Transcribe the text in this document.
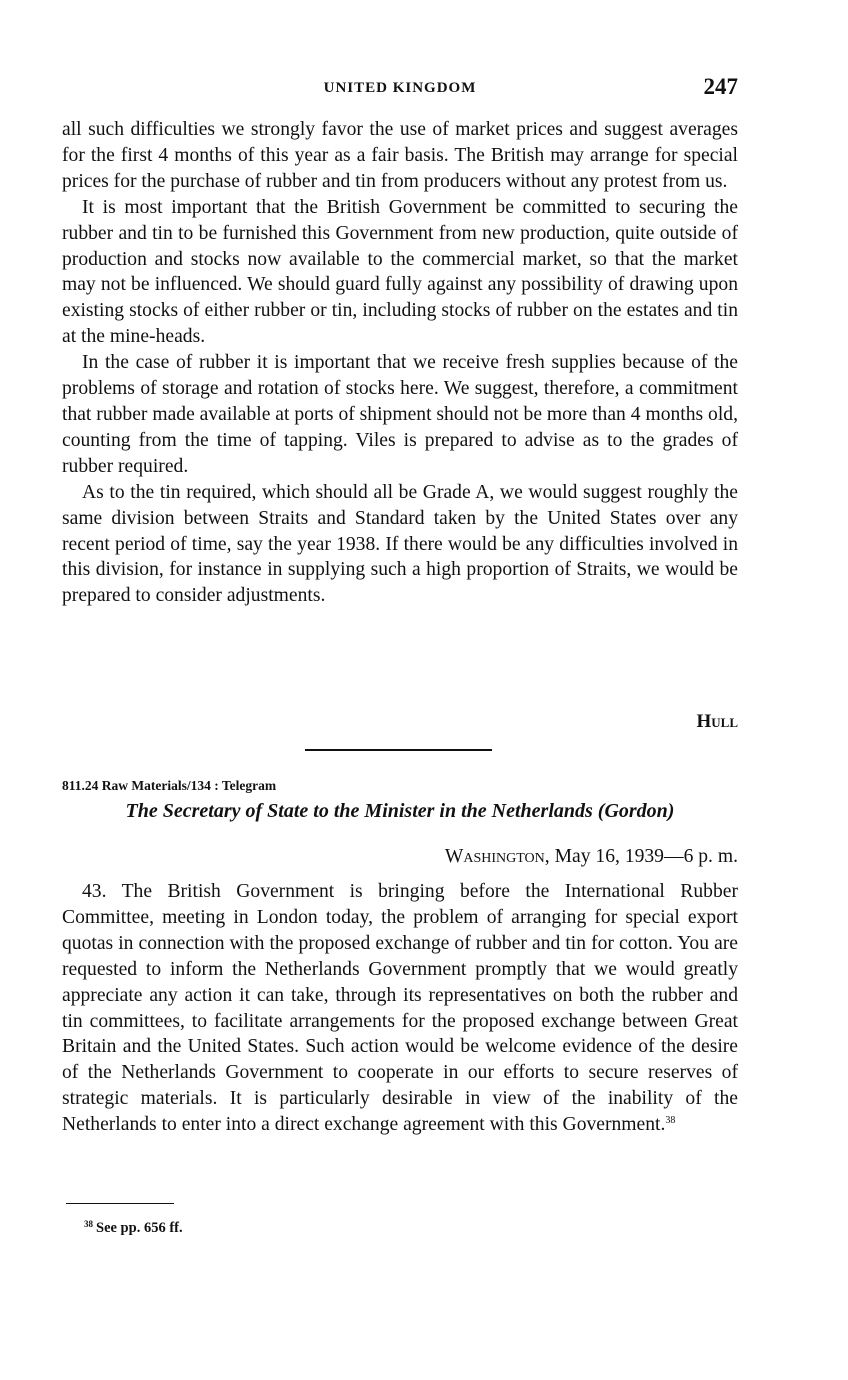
UNITED KINGDOM	247

all such difficulties we strongly favor the use of market prices and suggest averages for the first 4 months of this year as a fair basis. The British may arrange for special prices for the purchase of rubber and tin from producers without any protest from us.

It is most important that the British Government be committed to securing the rubber and tin to be furnished this Government from new production, quite outside of production and stocks now available to the commercial market, so that the market may not be influenced. We should guard fully against any possibility of drawing upon existing stocks of either rubber or tin, including stocks of rubber on the estates and tin at the mine-heads.

In the case of rubber it is important that we receive fresh supplies because of the problems of storage and rotation of stocks here. We suggest, therefore, a commitment that rubber made available at ports of shipment should not be more than 4 months old, counting from the time of tapping. Viles is prepared to advise as to the grades of rubber required.

As to the tin required, which should all be Grade A, we would suggest roughly the same division between Straits and Standard taken by the United States over any recent period of time, say the year 1938. If there would be any difficulties involved in this division, for instance in supplying such a high proportion of Straits, we would be prepared to consider adjustments.

Hull
811.24 Raw Materials/134 : Telegram
The Secretary of State to the Minister in the Netherlands (Gordon)
Washington, May 16, 1939—6 p. m.

43. The British Government is bringing before the International Rubber Committee, meeting in London today, the problem of arranging for special export quotas in connection with the proposed exchange of rubber and tin for cotton. You are requested to inform the Netherlands Government promptly that we would greatly appreciate any action it can take, through its representatives on both the rubber and tin committees, to facilitate arrangements for the proposed exchange between Great Britain and the United States. Such action would be welcome evidence of the desire of the Netherlands Government to cooperate in our efforts to secure reserves of strategic materials. It is particularly desirable in view of the inability of the Netherlands to enter into a direct exchange agreement with this Government.$^{38}$

$^{38}$ See pp. 656 ff.
